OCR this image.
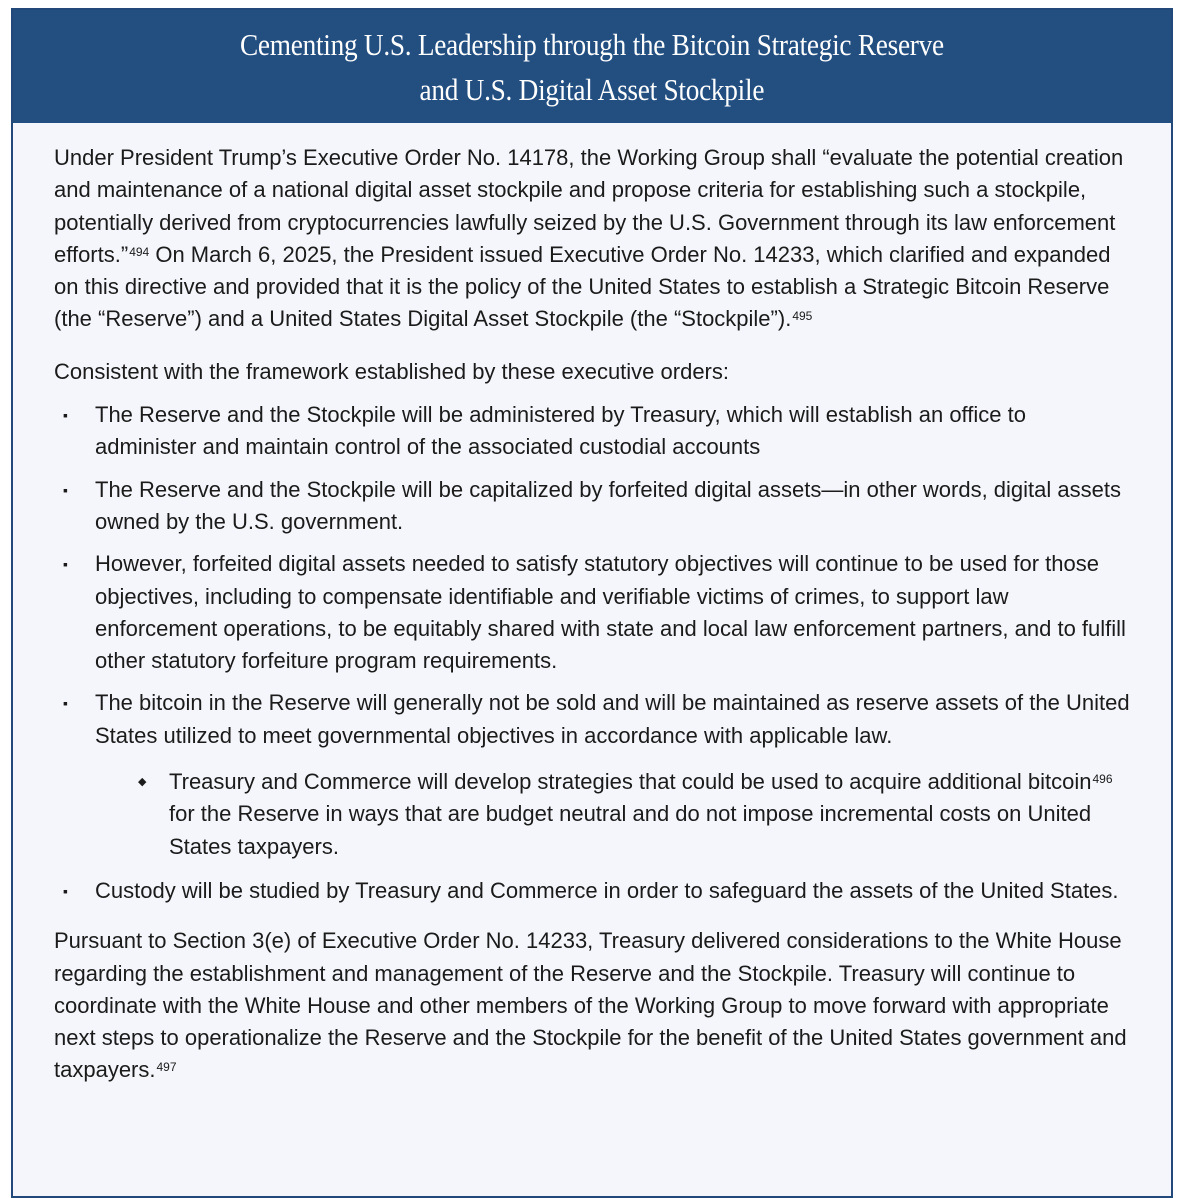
Cementing U.S. Leadership through the Bitcoin Strategic Reserve
and U.S. Digital Asset Stockpile

Under President Trump’s Executive Order No. 14178, the Working Group shall “evaluate the potential creation and maintenance of a national digital asset stockpile and propose criteria for establishing such a stockpile, potentially derived from cryptocurrencies lawfully seized by the U.S. Government through its law enforcement efforts.”$^{494}$ On March 6, 2025, the President issued Executive Order No. 14233, which clarified and expanded on this directive and provided that it is the policy of the United States to establish a Strategic Bitcoin Reserve (the “Reserve”) and a United States Digital Asset Stockpile (the “Stockpile”).$^{495}$

Consistent with the framework established by these executive orders:

▪ The Reserve and the Stockpile will be administered by Treasury, which will establish an office to administer and maintain control of the associated custodial accounts
▪ The Reserve and the Stockpile will be capitalized by forfeited digital assets—in other words, digital assets owned by the U.S. government.
▪ However, forfeited digital assets needed to satisfy statutory objectives will continue to be used for those objectives, including to compensate identifiable and verifiable victims of crimes, to support law enforcement operations, to be equitably shared with state and local law enforcement partners, and to fulfill other statutory forfeiture program requirements.
▪ The bitcoin in the Reserve will generally not be sold and will be maintained as reserve assets of the United States utilized to meet governmental objectives in accordance with applicable law.
◆ Treasury and Commerce will develop strategies that could be used to acquire additional bitcoin$^{496}$ for the Reserve in ways that are budget neutral and do not impose incremental costs on United States taxpayers.
▪ Custody will be studied by Treasury and Commerce in order to safeguard the assets of the United States.

Pursuant to Section 3(e) of Executive Order No. 14233, Treasury delivered considerations to the White House regarding the establishment and management of the Reserve and the Stockpile. Treasury will continue to coordinate with the White House and other members of the Working Group to move forward with appropriate next steps to operationalize the Reserve and the Stockpile for the benefit of the United States government and taxpayers.$^{497}$
